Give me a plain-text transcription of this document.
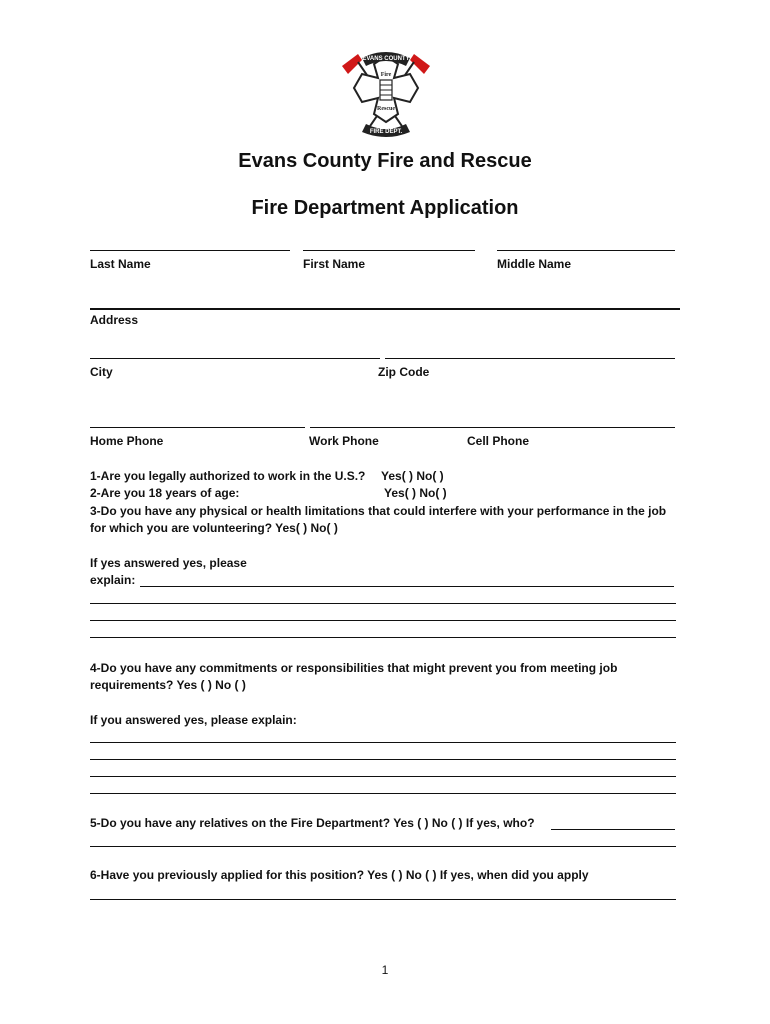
EVANS COUNTY
Fire
Rescue
FIRE DEPT.
Evans County Fire and Rescue
Fire Department Application
Last Name	First Name	Middle Name
Address
City	Zip Code
Home Phone	Work Phone	Cell Phone
1-Are you legally authorized to work in the U.S.? Yes( ) No( )
2-Are you 18 years of age:	Yes( ) No( )
3-Do you have any physical or health limitations that could interfere with your performance in the job for which you are volunteering? Yes( ) No( )
If yes answered yes, please
explain:
4-Do you have any commitments or responsibilities that might prevent you from meeting job requirements? Yes ( ) No ( )
If you answered yes, please explain:
5-Do you have any relatives on the Fire Department? Yes ( ) No ( ) If yes, who?
6-Have you previously applied for this position? Yes ( ) No ( ) If yes, when did you apply
1
